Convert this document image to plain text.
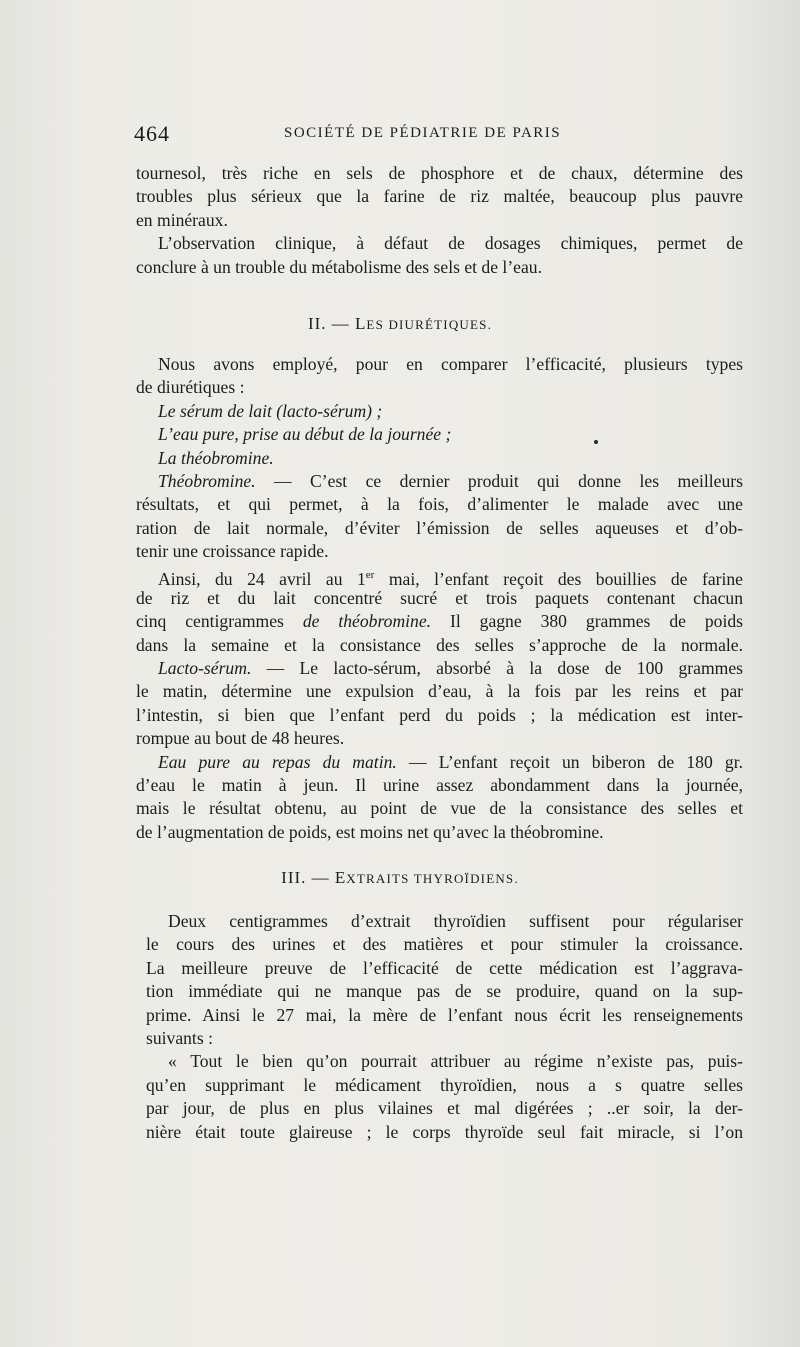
464	SOCIÉTÉ DE PÉDIATRIE DE PARIS
tournesol, très riche en sels de phosphore et de chaux, détermine des
troubles plus sérieux que la farine de riz maltée, beaucoup plus pauvre
en minéraux.
L’observation clinique, à défaut de dosages chimiques, permet de
conclure à un trouble du métabolisme des sels et de l’eau.
II. — LES DIURÉTIQUES.
Nous avons employé, pour en comparer l’efficacité, plusieurs types
de diurétiques :
Le sérum de lait (lacto-sérum) ;
L’eau pure, prise au début de la journée ;
La théobromine.
Théobromine. — C’est ce dernier produit qui donne les meilleurs
résultats, et qui permet, à la fois, d’alimenter le malade avec une
ration de lait normale, d’éviter l’émission de selles aqueuses et d’ob-
tenir une croissance rapide.
Ainsi, du 24 avril au 1er mai, l’enfant reçoit des bouillies de farine
de riz et du lait concentré sucré et trois paquets contenant chacun
cinq centigrammes de théobromine. Il gagne 380 grammes de poids
dans la semaine et la consistance des selles s’approche de la normale.
Lacto-sérum. — Le lacto-sérum, absorbé à la dose de 100 grammes
le matin, détermine une expulsion d’eau, à la fois par les reins et par
l’intestin, si bien que l’enfant perd du poids ; la médication est inter-
rompue au bout de 48 heures.
Eau pure au repas du matin. — L’enfant reçoit un biberon de 180 gr.
d’eau le matin à jeun. Il urine assez abondamment dans la journée,
mais le résultat obtenu, au point de vue de la consistance des selles et
de l’augmentation de poids, est moins net qu’avec la théobromine.
III. — EXTRAITS THYROÏDIENS.
Deux centigrammes d’extrait thyroïdien suffisent pour régulariser
le cours des urines et des matières et pour stimuler la croissance.
La meilleure preuve de l’efficacité de cette médication est l’aggrava-
tion immédiate qui ne manque pas de se produire, quand on la sup-
prime. Ainsi le 27 mai, la mère de l’enfant nous écrit les renseignements
suivants :
« Tout le bien qu’on pourrait attribuer au régime n’existe pas, puis-
qu’en supprimant le médicament thyroïdien, nous a s quatre selles
par jour, de plus en plus vilaines et mal digérées ; ..er soir, la der-
nière était toute glaireuse ; le corps thyroïde seul fait miracle, si l’on
